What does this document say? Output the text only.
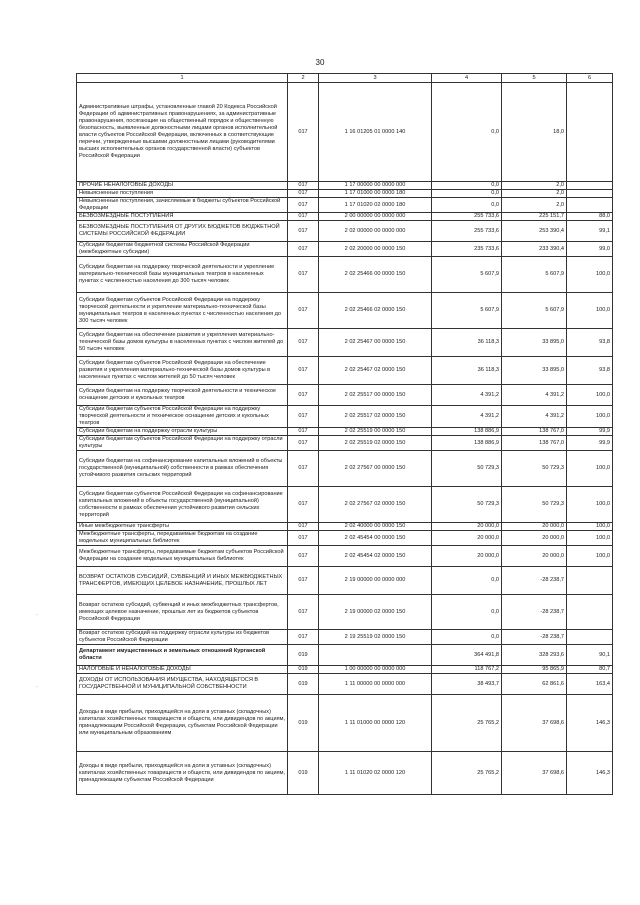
30
·
·
1	2	3	4	5	6
Административные штрафы, установленные главой 20 Кодекса Российской Федерации об административных правонарушениях, за административные правонарушения, посягающие на общественный порядок и общественную безопасность, выявленные должностными лицами органов исполнительной власти субъектов Российской Федерации, включенных в соответствующие перечни, утвержденные высшими должностными лицами (руководителями высших исполнительных органов государственной власти) субъектов Российской Федерации	017	1 16 01205 01 0000 140	0,0	18,0	
ПРОЧИЕ НЕНАЛОГОВЫЕ ДОХОДЫ	017	1 17 00000 00 0000 000	0,0	2,0	
Невыясненные поступления	017	1 17 01000 00 0000 180	0,0	2,0	
Невыясненные поступления, зачисляемые в бюджеты субъектов Российской Федерации	017	1 17 01020 02 0000 180	0,0	2,0	
БЕЗВОЗМЕЗДНЫЕ ПОСТУПЛЕНИЯ	017	2 00 00000 00 0000 000	255 733,6	225 151,7	88,0
БЕЗВОЗМЕЗДНЫЕ ПОСТУПЛЕНИЯ ОТ ДРУГИХ БЮДЖЕТОВ БЮДЖЕТНОЙ СИСТЕМЫ РОССИЙСКОЙ ФЕДЕРАЦИИ	017	2 02 00000 00 0000 000	255 733,6	253 390,4	99,1
Субсидии бюджетам бюджетной системы Российской Федерации (межбюджетные субсидии)	017	2 02 20000 00 0000 150	235 733,6	233 390,4	99,0
Субсидии бюджетам на поддержку творческой деятельности и укрепление материально-технической базы муниципальных театров в населенных пунктах с численностью населения до 300 тысяч человек	017	2 02 25466 00 0000 150	5 607,9	5 607,9	100,0
Субсидии бюджетам субъектов Российской Федерации на поддержку творческой деятельности и укрепление материально-технической базы муниципальных театров в населенных пунктах с численностью населения до 300 тысяч человек	017	2 02 25466 02 0000 150	5 607,9	5 607,9	100,0
Субсидии бюджетам на обеспечение развития и укрепления материально-технической базы домов культуры в населенных пунктах с числом жителей до 50 тысяч человек	017	2 02 25467 00 0000 150	36 118,3	33 895,0	93,8
Субсидии бюджетам субъектов Российской Федерации на обеспечение развития и укрепления материально-технической базы домов культуры в населенных пунктах с числом жителей до 50 тысяч человек	017	2 02 25467 02 0000 150	36 118,3	33 895,0	93,8
Субсидии бюджетам на поддержку творческой деятельности и техническое оснащение детских и кукольных театров	017	2 02 25517 00 0000 150	4 391,2	4 391,2	100,0
Субсидии бюджетам субъектов Российской Федерации на поддержку творческой деятельности и техническое оснащение детских и кукольных театров	017	2 02 25517 02 0000 150	4 391,2	4 391,2	100,0
Субсидии бюджетам на поддержку отрасли культуры	017	2 02 25519 00 0000 150	138 886,9	138 767,0	99,9
Субсидии бюджетам субъектов Российской Федерации на поддержку отрасли культуры	017	2 02 25519 02 0000 150	138 886,9	138 767,0	99,9
Субсидии бюджетам на софинансирование капитальных вложений в объекты государственной (муниципальной) собственности в рамках обеспечения устойчивого развития сельских территорий	017	2 02 27567 00 0000 150	50 729,3	50 729,3	100,0
Субсидии бюджетам субъектов Российской Федерации на софинансирование капитальных вложений в объекты государственной (муниципальной) собственности в рамках обеспечения устойчивого развития сельских территорий	017	2 02 27567 02 0000 150	50 729,3	50 729,3	100,0
Иные межбюджетные трансферты	017	2 02 40000 00 0000 150	20 000,0	20 000,0	100,0
Межбюджетные трансферты, передаваемые бюджетам на создание модельных муниципальных библиотек	017	2 02 45454 00 0000 150	20 000,0	20 000,0	100,0
Межбюджетные трансферты, передаваемые бюджетам субъектов Российской Федерации на создание модельных муниципальных библиотек	017	2 02 45454 02 0000 150	20 000,0	20 000,0	100,0
ВОЗВРАТ ОСТАТКОВ СУБСИДИЙ, СУБВЕНЦИЙ И ИНЫХ МЕЖБЮДЖЕТНЫХ ТРАНСФЕРТОВ, ИМЕЮЩИХ ЦЕЛЕВОЕ НАЗНАЧЕНИЕ, ПРОШЛЫХ ЛЕТ	017	2 19 00000 00 0000 000	0,0	-28 238,7	
Возврат остатков субсидий, субвенций и иных межбюджетных трансфертов, имеющих целевое назначение, прошлых лет из бюджетов субъектов Российской Федерации	017	2 19 00000 02 0000 150	0,0	-28 238,7	
Возврат остатков субсидий на поддержку отрасли культуры из бюджетов субъектов Российской Федерации	017	2 19 25519 02 0000 150	0,0	-28 238,7	
Департамент имущественных и земельных отношений Курганской области	019		364 491,8	328 293,6	90,1
НАЛОГОВЫЕ И НЕНАЛОГОВЫЕ ДОХОДЫ	019	1 00 00000 00 0000 000	118 767,2	95 865,9	80,7
ДОХОДЫ ОТ ИСПОЛЬЗОВАНИЯ ИМУЩЕСТВА, НАХОДЯЩЕГОСЯ В ГОСУДАРСТВЕННОЙ И МУНИЦИПАЛЬНОЙ СОБСТВЕННОСТИ	019	1 11 00000 00 0000 000	38 493,7	62 861,6	163,4
Доходы в виде прибыли, приходящейся на доли в уставных (складочных) капиталах хозяйственных товариществ и обществ, или дивидендов по акциям, принадлежащим Российской Федерации, субъектам Российской Федерации или муниципальным образованиям	019	1 11 01000 00 0000 120	25 765,2	37 698,6	146,3
Доходы в виде прибыли, приходящейся на доли в уставных (складочных) капиталах хозяйственных товариществ и обществ, или дивидендов по акциям, принадлежащим субъектам Российской Федерации	019	1 11 01020 02 0000 120	25 765,2	37 698,6	146,3
